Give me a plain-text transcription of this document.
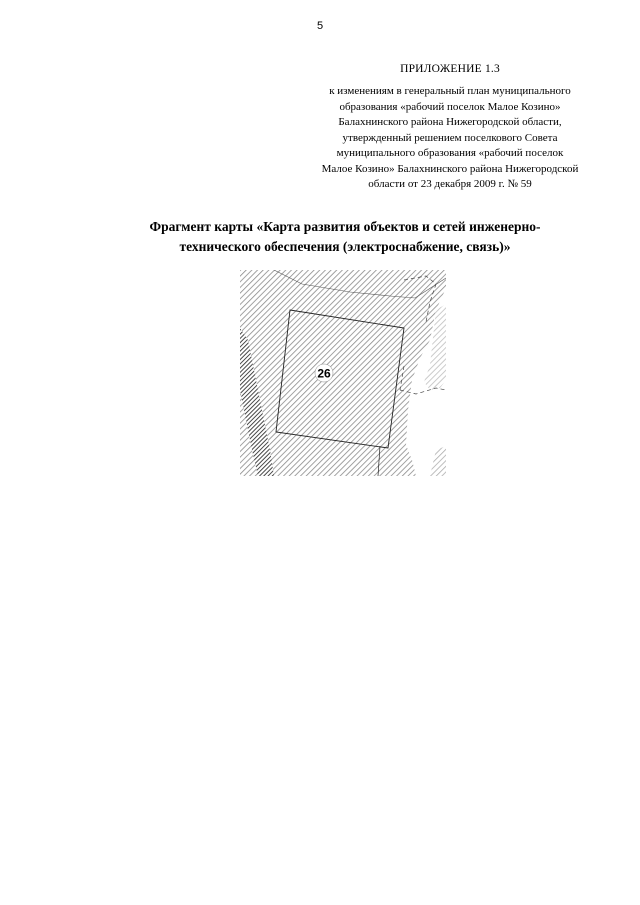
5
ПРИЛОЖЕНИЕ 1.3
к изменениям в генеральный план муниципального
образования «рабочий поселок Малое Козино»
Балахнинского района Нижегородской области,
утвержденный решением поселкового Совета
муниципального образования «рабочий поселок
Малое Козино» Балахнинского района Нижегородской
области от 23 декабря 2009 г. № 59
Фрагмент карты «Карта развития объектов и сетей инженерно-
технического обеспечения (электроснабжение, связь)»
26
